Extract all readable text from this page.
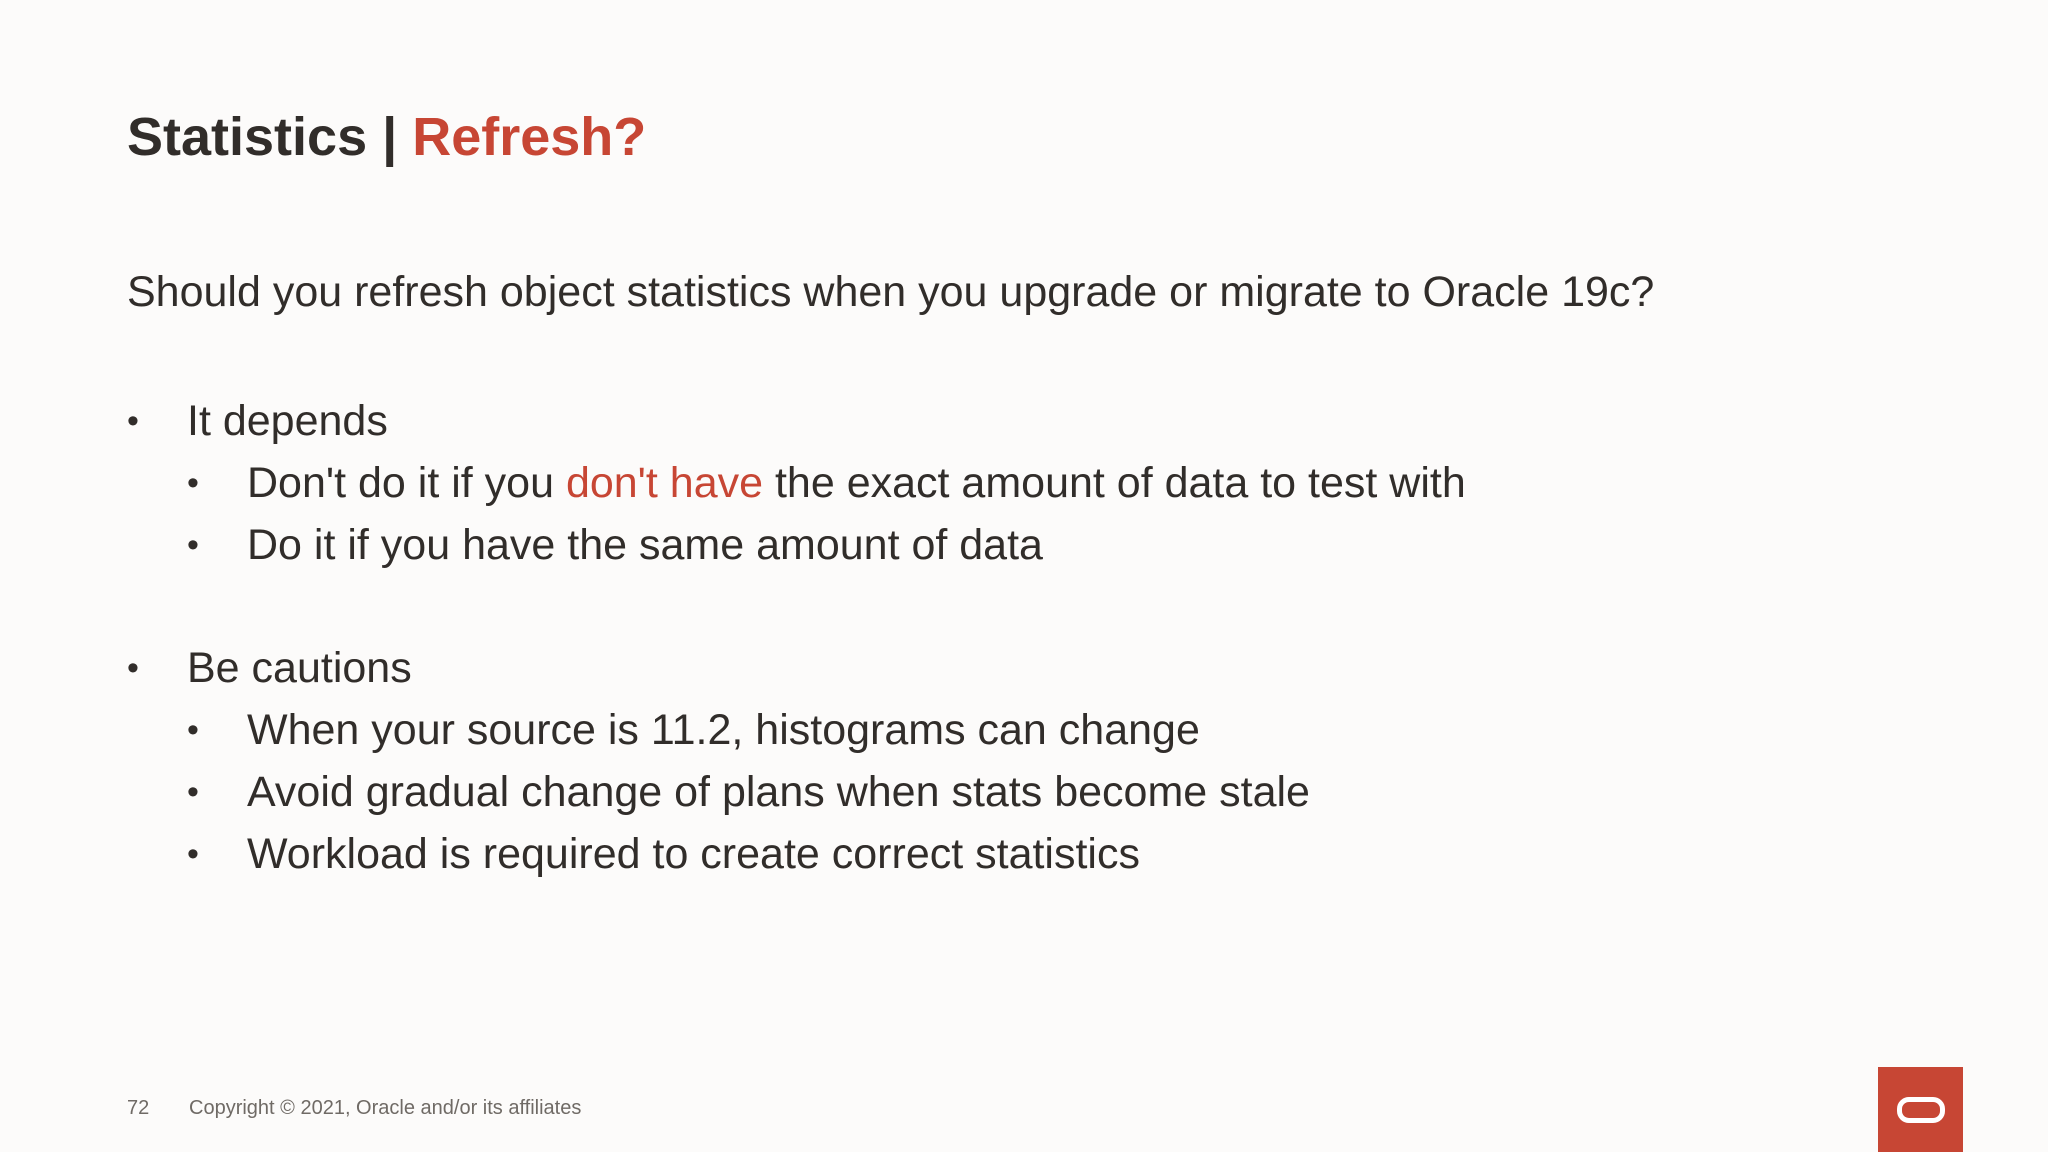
Statistics | Refresh?
Should you refresh object statistics when you upgrade or migrate to Oracle 19c?
• It depends
• Don't do it if you don't have the exact amount of data to test with
• Do it if you have the same amount of data
• Be cautions
• When your source is 11.2, histograms can change
• Avoid gradual change of plans when stats become stale
• Workload is required to create correct statistics
72 Copyright © 2021, Oracle and/or its affiliates
